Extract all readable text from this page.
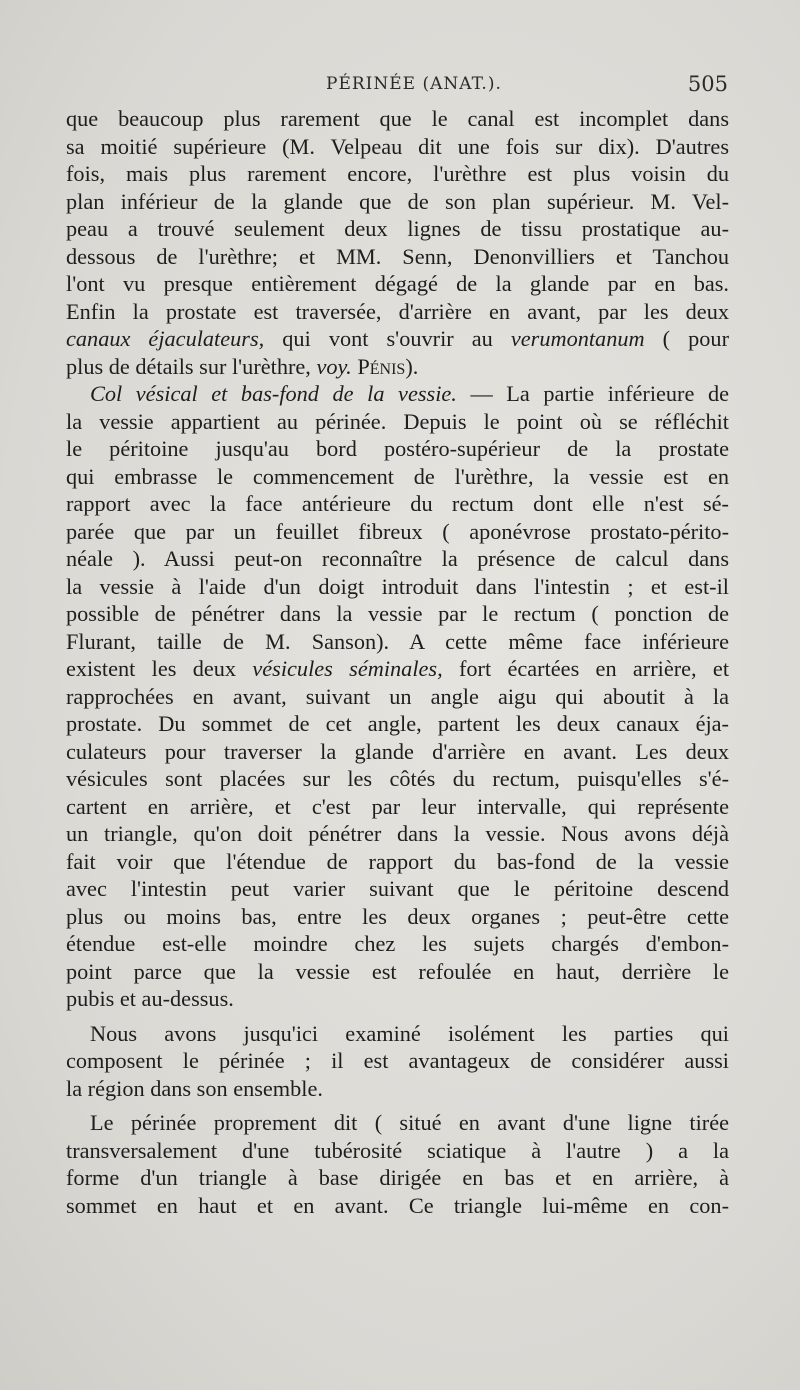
PÉRINÉE (ANAT.).	505
que beaucoup plus rarement que le canal est incomplet dans
sa moitié supérieure (M. Velpeau dit une fois sur dix). D'autres
fois, mais plus rarement encore, l'urèthre est plus voisin du
plan inférieur de la glande que de son plan supérieur. M. Vel-
peau a trouvé seulement deux lignes de tissu prostatique au-
dessous de l'urèthre; et MM. Senn, Denonvilliers et Tanchou
l'ont vu presque entièrement dégagé de la glande par en bas.
Enfin la prostate est traversée, d'arrière en avant, par les deux
canaux éjaculateurs, qui vont s'ouvrir au verumontanum ( pour
plus de détails sur l'urèthre, voy. Pénis).
Col vésical et bas-fond de la vessie. — La partie inférieure de
la vessie appartient au périnée. Depuis le point où se réfléchit
le péritoine jusqu'au bord postéro-supérieur de la prostate
qui embrasse le commencement de l'urèthre, la vessie est en
rapport avec la face antérieure du rectum dont elle n'est sé-
parée que par un feuillet fibreux ( aponévrose prostato-périto-
néale ). Aussi peut-on reconnaître la présence de calcul dans
la vessie à l'aide d'un doigt introduit dans l'intestin ; et est-il
possible de pénétrer dans la vessie par le rectum ( ponction de
Flurant, taille de M. Sanson). A cette même face inférieure
existent les deux vésicules séminales, fort écartées en arrière, et
rapprochées en avant, suivant un angle aigu qui aboutit à la
prostate. Du sommet de cet angle, partent les deux canaux éja-
culateurs pour traverser la glande d'arrière en avant. Les deux
vésicules sont placées sur les côtés du rectum, puisqu'elles s'é-
cartent en arrière, et c'est par leur intervalle, qui représente
un triangle, qu'on doit pénétrer dans la vessie. Nous avons déjà
fait voir que l'étendue de rapport du bas-fond de la vessie
avec l'intestin peut varier suivant que le péritoine descend
plus ou moins bas, entre les deux organes ; peut-être cette
étendue est-elle moindre chez les sujets chargés d'embon-
point parce que la vessie est refoulée en haut, derrière le
pubis et au-dessus.
Nous avons jusqu'ici examiné isolément les parties qui
composent le périnée ; il est avantageux de considérer aussi
la région dans son ensemble.
Le périnée proprement dit ( situé en avant d'une ligne tirée
transversalement d'une tubérosité sciatique à l'autre ) a la
forme d'un triangle à base dirigée en bas et en arrière, à
sommet en haut et en avant. Ce triangle lui-même en con-
